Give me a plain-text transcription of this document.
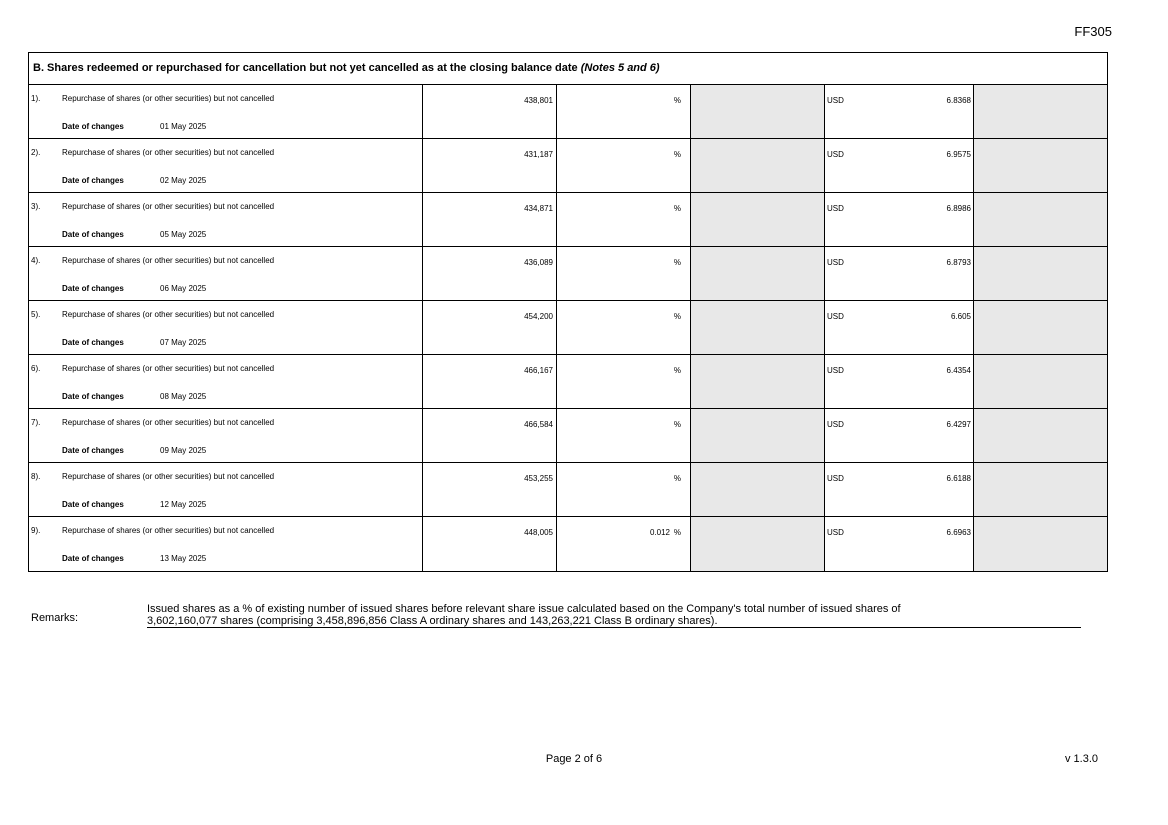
FF305
B. Shares redeemed or repurchased for cancellation but not yet cancelled as at the closing balance date (Notes 5 and 6)
1).	Repurchase of shares (or other securities) but not cancelled
Date of changes	01 May 2025
438,801	%	USD	6.8368
2).	Repurchase of shares (or other securities) but not cancelled
Date of changes	02 May 2025
431,187	%	USD	6.9575
3).	Repurchase of shares (or other securities) but not cancelled
Date of changes	05 May 2025
434,871	%	USD	6.8986
4).	Repurchase of shares (or other securities) but not cancelled
Date of changes	06 May 2025
436,089	%	USD	6.8793
5).	Repurchase of shares (or other securities) but not cancelled
Date of changes	07 May 2025
454,200	%	USD	6.605
6).	Repurchase of shares (or other securities) but not cancelled
Date of changes	08 May 2025
466,167	%	USD	6.4354
7).	Repurchase of shares (or other securities) but not cancelled
Date of changes	09 May 2025
466,584	%	USD	6.4297
8).	Repurchase of shares (or other securities) but not cancelled
Date of changes	12 May 2025
453,255	%	USD	6.6188
9).	Repurchase of shares (or other securities) but not cancelled
Date of changes	13 May 2025
448,005	0.012 %	USD	6.6963
Remarks:
Issued shares as a % of existing number of issued shares before relevant share issue calculated based on the Company's total number of issued shares of
3,602,160,077 shares (comprising 3,458,896,856 Class A ordinary shares and 143,263,221 Class B ordinary shares).
Page 2 of 6	v 1.3.0
